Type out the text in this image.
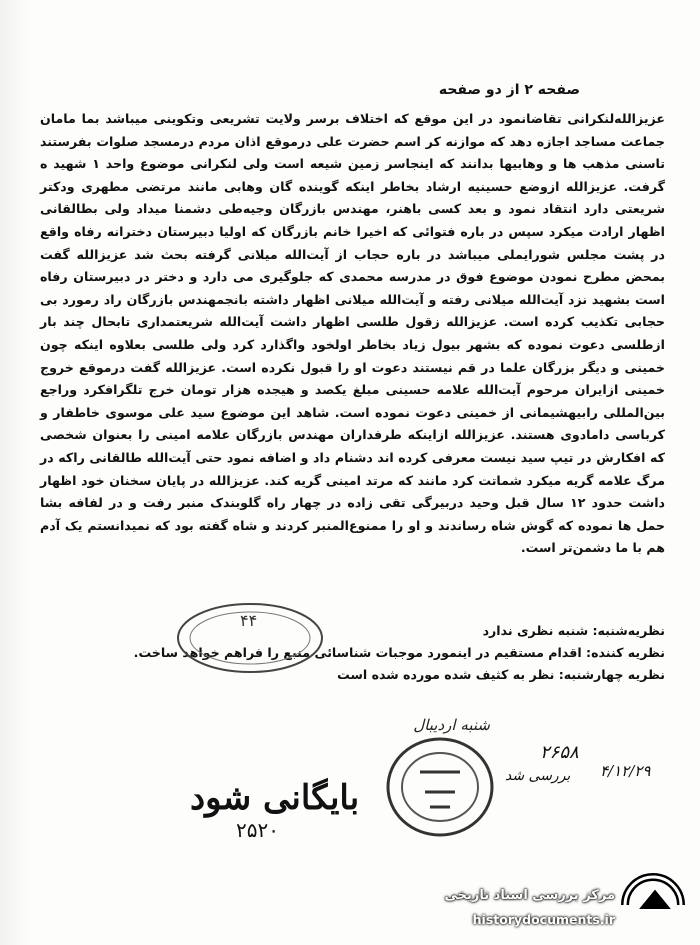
صفحه ۲ از دو صفحه

عزیزالله‌لنکرانی تقاضانمود در این موقع که اختلاف برسر ولایت تشریعی وتکوینی میباشد بما مامان جماعت مساجد اجازه دهد که موازنه کر اسم حضرت علی درموقع اذان مردم درمسجد صلوات بفرستند تاسنی مذهب ها و وهابیها بدانند که اینجاسر زمین شیعه است ولی لنکرانی موضوع واحد ۱ شهید ه گرفت. عزیزالله ازوضع حسینیه ارشاد بخاطر اینکه گوینده گان وهابی مانند مرتضی مطهری ودکتر شریعتی دارد انتقاد نمود و بعد کسی باهنر، مهندس بازرگان وجیه‌طی دشمنا میداد ولی بطالقانی اظهار ارادت میکرد سپس در باره فتوائی که اخیرا خانم بازرگان که اولیا دبیرستان دخترانه رفاه واقع در پشت مجلس شورایملی میباشد در باره حجاب از آیت‌الله میلانی گرفته بحث شد عزیزالله گفت بمحض مطرح نمودن موضوع فوق در مدرسه محمدی که جلوگیری می دارد و دختر در دبیرستان رفاه است بشهید نزد آیت‌الله میلانی رفته و آیت‌الله میلانی اظهار داشته بانجمهندس بازرگان راد رمورد بی حجابی تکذیب کرده است. عزیزالله زقول طلسی اظهار داشت آیت‌الله شریعتمداری تابحال چند بار ازطلسی دعوت نموده که بشهر بیول زیاد بخاطر اولخود واگذارد کرد ولی طلسی بعلاوه اینکه چون خمینی و دیگر بزرگان علما در قم نیستند دعوت او را قبول نکرده است. عزیزالله گفت درموقع خروج خمینی ازایران مرحوم آیت‌الله علامه حسینی مبلغ یکصد و هیجده هزار تومان خرج تلگرافکرد وراجع بین‌المللی رابیهشیمانی از خمینی دعوت نموده است. شاهد این موضوع سید علی موسوی خاطفار و کرباسی دامادوی هستند. عزیزالله ازاینکه طرفداران مهندس بازرگان علامه امینی را بعنوان شخصی که افکارش در تیپ سید نیست معرفی کرده اند دشنام داد و اضافه نمود حتی آیت‌الله طالقانی راکه در مرگ علامه گریه میکرد شماتت کرد مانند که مرتد امینی گریه کند. عزیزالله در پایان سخنان خود اظهار داشت حدود ۱۲ سال قبل وحید دربیرگی تقی زاده در چهار راه گلوبندک منبر رفت و در لفافه بشا حمل ها نموده که گوش شاه رساندند و او را ممنوع‌المنبر کردند و شاه گفته بود که نمیدانستم یک آدم هم با ما دشمن‌تر است.

نظریه‌شنبه: شنبه نظری ندارد
نظریه کننده: اقدام مستقیم در اینمورد موجبات شناسائی منبع را فراهم خواهد ساخت.
نظریه چهارشنبه: نظر به کثیف شده مورده شده است
۴۴
شنبه اردیبال
۲۶۵۸
۴/۱۲/۲۹
بررسی شد
بایگانی شود
۲۵۲۰
مرکز بررسی اسناد تاریخی
historydocuments.ir
